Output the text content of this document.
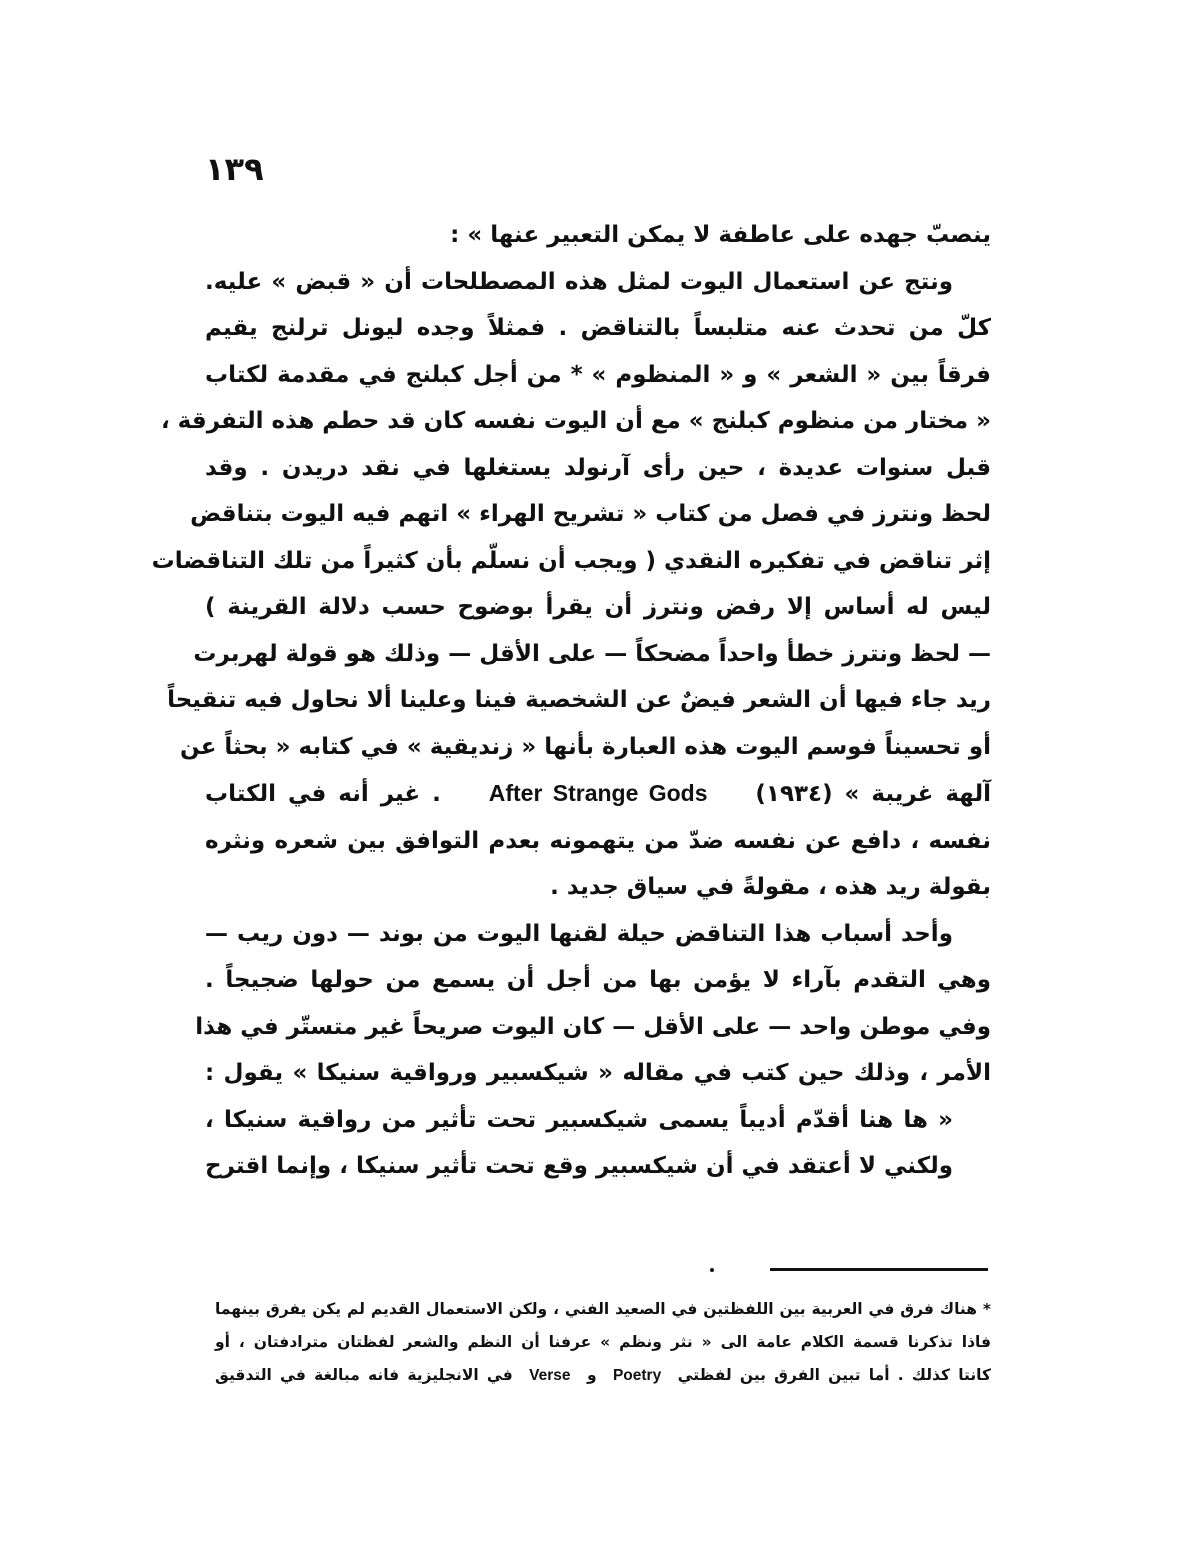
١٣٩
ينصبّ جهده على عاطفة لا يمكن التعبير عنها » :
ونتج عن استعمال اليوت لمثل هذه المصطلحات أن « قبض » عليه.
كلّ من تحدث عنه متلبساً بالتناقض . فمثلاً وجده ليونل ترلنج يقيم
فرقاً بين « الشعر » و « المنظوم » * من أجل كبلنج في مقدمة لكتاب
« مختار من منظوم كبلنج » مع أن اليوت نفسه كان قد حطم هذه التفرقة ،
قبل سنوات عديدة ، حين رأى آرنولد يستغلها في نقد دريدن . وقد
لحظ ونترز في فصل من كتاب « تشريح الهراء » اتهم فيه اليوت بتناقض
إثر تناقض في تفكيره النقدي ( ويجب أن نسلّم بأن كثيراً من تلك التناقضات
ليس له أساس إلا رفض ونترز أن يقرأ بوضوح حسب دلالة القرينة )
— لحظ ونترز خطأ واحداً مضحكاً — على الأقل — وذلك هو قولة لهربرت
ريد جاء فيها أن الشعر فيضٌ عن الشخصية فينا وعلينا ألا نحاول فيه تنقيحاً
أو تحسيناً فوسم اليوت هذه العبارة بأنها « زنديقية » في كتابه « بحثاً عن
آلهة غريبة » (١٩٣٤)    After Strange Gods    . غير أنه في الكتاب
نفسه ، دافع عن نفسه ضدّ من يتهمونه بعدم التوافق بين شعره ونثره
بقولة ريد هذه ، مقولةً في سياق جديد .
وأحد أسباب هذا التناقض حيلة لقنها اليوت من بوند — دون ريب —
وهي التقدم بآراء لا يؤمن بها من أجل أن يسمع من حولها ضجيجاً .
وفي موطن واحد — على الأقل — كان اليوت صريحاً غير متستّر في هذا
الأمر ، وذلك حين كتب في مقاله « شيكسبير ورواقية سنيكا » يقول :
« ها هنا أقدّم أديباً يسمى شيكسبير تحت تأثير من رواقية سنيكا ،
ولكني لا أعتقد في أن شيكسبير وقع تحت تأثير سنيكا ، وإنما اقترح
* هناك فرق في العربية بين اللفظتين في الصعيد الفني ، ولكن الاستعمال القديم لم يكن يفرق بينهما
فاذا تذكرنا قسمة الكلام عامة الى « نثر ونظم » عرفنا أن النظم والشعر لفظتان مترادفتان ، أو
كانتا كذلك . أما تبين الفرق بين لفظتي  Poetry  و  Verse  في الانجليزية فانه مبالغة في التدقيق
